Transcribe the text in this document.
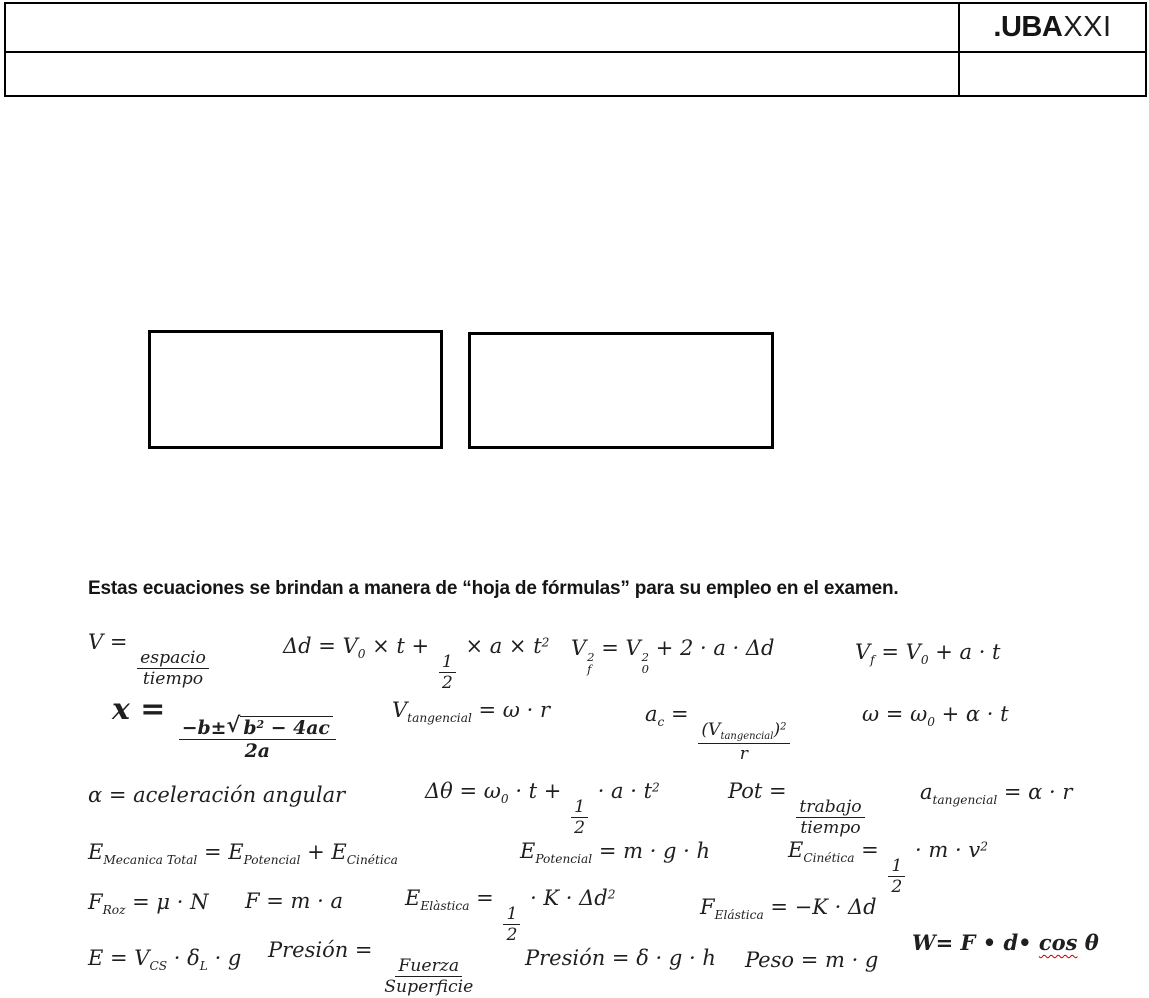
.UBA XXI
Estas ecuaciones se brindan a manera de “hoja de fórmulas” para su empleo en el examen.
V =
$\frac{\text{espacio}}{\text{tiempo}}$
$\Delta d = V_0 \times t$ +
$\frac{1}{2}$
× $a \times t^2$ V 2
f
= V 2
0
+ 2 · a · Δd	$V_f = V_0 + a \cdot t$
x =
$\frac{-b\pm √ b^2 - 4ac}{2a}$
$V_{tangencial} = \omega \cdot r$	$a_c$ =
$\frac{(V_{tangencial})^2}{r}$
$\omega = \omega_0 + \alpha \cdot t$
α = aceleración angular	$\Delta\theta = \omega_0 \cdot t$ +
$\frac{1}{2}$
· $a \cdot t^2$	Pot =
$\frac{\text{trabajo}}{\text{tiempo}}$
$a_{tangencial} = \alpha \cdot r$
$E_{Mecanica Total} = E_{Potencial} + E_{Cinética}$	$E_{Potencial} = m \cdot g \cdot h$	$E_{Cinética}$ =
$\frac{1}{2}$
· $m \cdot v^2$
$F_{Roz} = \mu \cdot N$ F = m · a	$E_{Elàstica}$ =
$\frac{1}{2}$
· $K \cdot \Delta d^2$
$F_{Elástica} = -K \cdot \Delta d$
$E = V_{CS} \cdot \delta_L \cdot g$ Presión =
$\frac{\text{Fuerza}}{\text{Superficie}}$ Presión = δ · g · h Peso = m · g
W= F • d• cos θ
